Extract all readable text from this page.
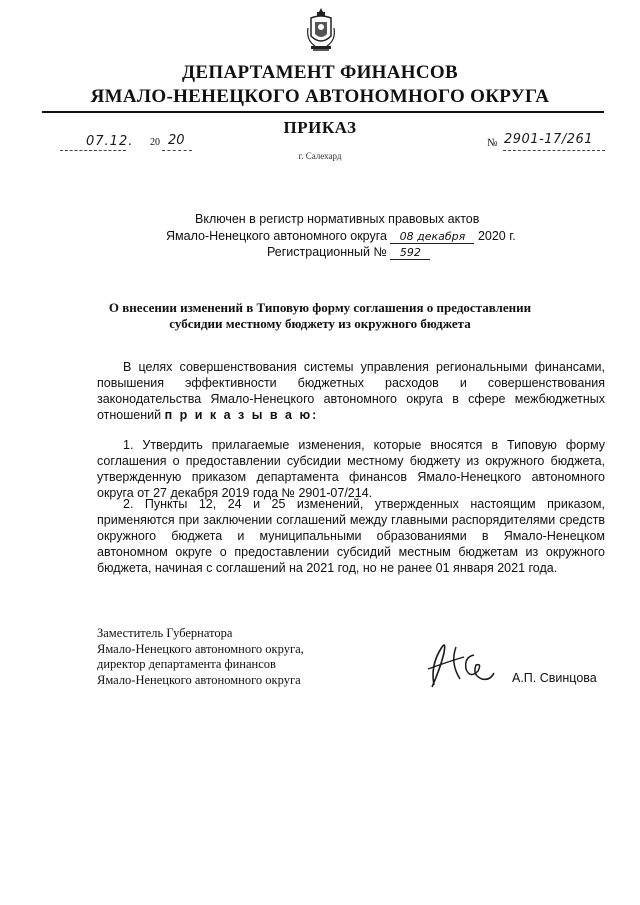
ДЕПАРТАМЕНТ ФИНАНСОВ
ЯМАЛО-НЕНЕЦКОГО АВТОНОМНОГО ОКРУГА
ПРИКАЗ
07.12. 20 20	№ 2901-17/261
г. Салехард
Включен в регистр нормативных правовых актов
Ямало-Ненецкого автономного округа 08 декабря 2020 г.
Регистрационный № 592
О внесении изменений в Типовую форму соглашения о предоставлении субсидии местному бюджету из окружного бюджета
В целях совершенствования системы управления региональными финансами, повышения эффективности бюджетных расходов и совершенствования законодательства Ямало-Ненецкого автономного округа в сфере межбюджетных отношений п р и к а з ы в а ю:
1. Утвердить прилагаемые изменения, которые вносятся в Типовую форму соглашения о предоставлении субсидии местному бюджету из окружного бюджета, утвержденную приказом департамента финансов Ямало-Ненецкого автономного округа от 27 декабря 2019 года № 2901-07/214.
2. Пункты 12, 24 и 25 изменений, утвержденных настоящим приказом, применяются при заключении соглашений между главными распорядителями средств окружного бюджета и муниципальными образованиями в Ямало-Ненецком автономном округе о предоставлении субсидий местным бюджетам из окружного бюджета, начиная с соглашений на 2021 год, но не ранее 01 января 2021 года.
Заместитель Губернатора
Ямало-Ненецкого автономного округа,
директор департамента финансов
Ямало-Ненецкого автономного округа	А.П. Свинцова
